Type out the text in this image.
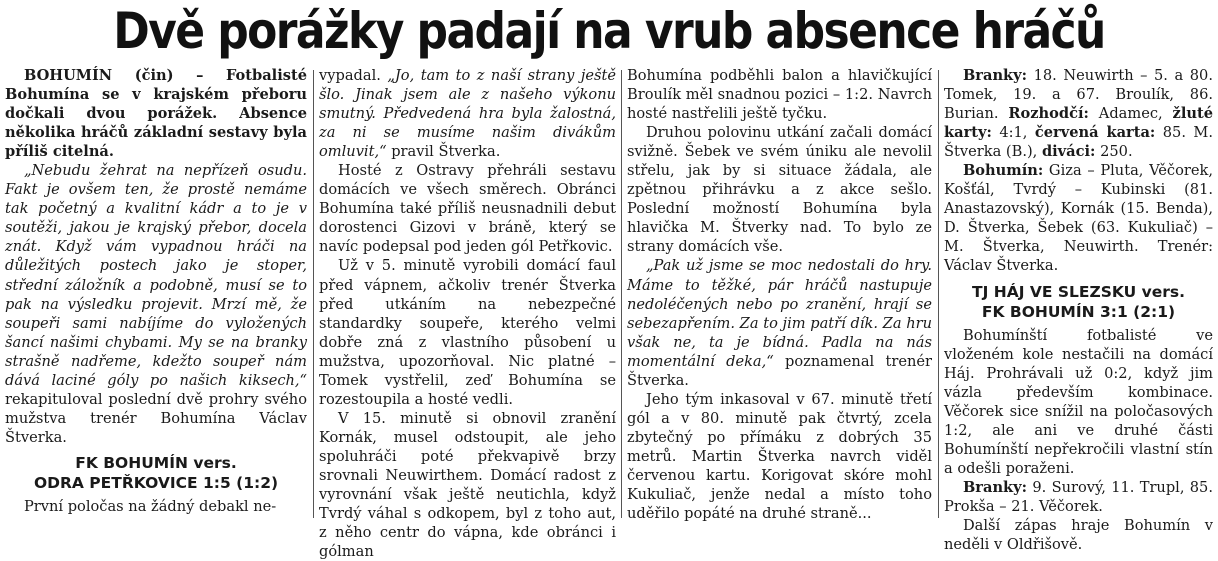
Dvě porážky padají na vrub absence hráčů

BOHUMÍN (čin) – Fotbalisté Bohumína se v krajském přeboru dočkali dvou porážek. Absence několika hráčů základní sestavy byla příliš citelná.

„Nebudu žehrat na nepřízeň osudu. Fakt je ovšem ten, že prostě nemáme tak početný a kvalitní kádr a to je v soutěži, jakou je krajský přebor, docela znát. Když vám vypadnou hráči na důležitých postech jako je stoper, střední záložník a podobně, musí se to pak na výsledku projevit. Mrzí mě, že soupeři sami nabíjíme do vyložených šancí našimi chybami. My se na branky strašně nadřeme, kdežto soupeř nám dává laciné góly po našich kiksech,“ rekapituloval poslední dvě prohry svého mužstva trenér Bohumína Václav Štverka.

FK BOHUMÍN vers.
ODRA PETŘKOVICE 1:5 (1:2)

První poločas na žádný debakl ne-

vypadal. „Jo, tam to z naší strany ještě šlo. Jinak jsem ale z našeho výkonu smutný. Předvedená hra byla žalostná, za ni se musíme našim divákům omluvit,“ pravil Štverka.

Hosté z Ostravy přehráli sestavu domácích ve všech směrech. Obránci Bohumína také příliš neusnadnili debut dorostenci Gizovi v bráně, který se navíc podepsal pod jeden gól Petřkovic.

Už v 5. minutě vyrobili domácí faul před vápnem, ačkoliv trenér Štverka před utkáním na nebezpečné standardky soupeře, kterého velmi dobře zná z vlastního působení u mužstva, upozorňoval. Nic platné – Tomek vystřelil, zeď Bohumína se rozestoupila a hosté vedli.

V 15. minutě si obnovil zranění Kornák, musel odstoupit, ale jeho spoluhráči poté překvapivě brzy srovnali Neuwirthem. Domácí radost z vyrovnání však ještě neutichla, když Tvrdý váhal s odkopem, byl z toho aut, z něho centr do vápna, kde obránci i gólman

Bohumína podběhli balon a hlavičkující Broulík měl snadnou pozici – 1:2. Navrch hosté nastřelili ještě tyčku.

Druhou polovinu utkání začali domácí svižně. Šebek ve svém úniku ale nevolil střelu, jak by si situace žádala, ale zpětnou přihrávku a z akce sešlo. Poslední možností Bohumína byla hlavička M. Štverky nad. To bylo ze strany domácích vše.

„Pak už jsme se moc nedostali do hry. Máme to těžké, pár hráčů nastupuje nedoléčených nebo po zranění, hrají se sebezapřením. Za to jim patří dík. Za hru však ne, ta je bídná. Padla na nás momentální deka,“ poznamenal trenér Štverka.

Jeho tým inkasoval v 67. minutě třetí gól a v 80. minutě pak čtvrtý, zcela zbytečný po přímáku z dobrých 35 metrů. Martin Štverka navrch viděl červenou kartu. Korigovat skóre mohl Kukuliač, jenže nedal a místo toho uděřilo popáté na druhé straně...

Branky: 18. Neuwirth – 5. a 80. Tomek, 19. a 67. Broulík, 86. Burian. Rozhodčí: Adamec, žluté karty: 4:1, červená karta: 85. M. Štverka (B.), diváci: 250.

Bohumín: Giza – Pluta, Věčorek, Košťál, Tvrdý – Kubinski (81. Anastazovský), Kornák (15. Benda), D. Štverka, Šebek (63. Kukuliač) – M. Štverka, Neuwirth. Trenér: Václav Štverka.

TJ HÁJ VE SLEZSKU vers.
FK BOHUMÍN 3:1 (2:1)

Bohumínští fotbalisté ve vloženém kole nestačili na domácí Háj. Prohrávali už 0:2, když jim vázla především kombinace. Věčorek sice snížil na poločasových 1:2, ale ani ve druhé části Bohumínští nepřekročili vlastní stín a odešli poraženi.

Branky: 9. Surový, 11. Trupl, 85. Prokša – 21. Věčorek.

Další zápas hraje Bohumín v neděli v Oldřišově.
